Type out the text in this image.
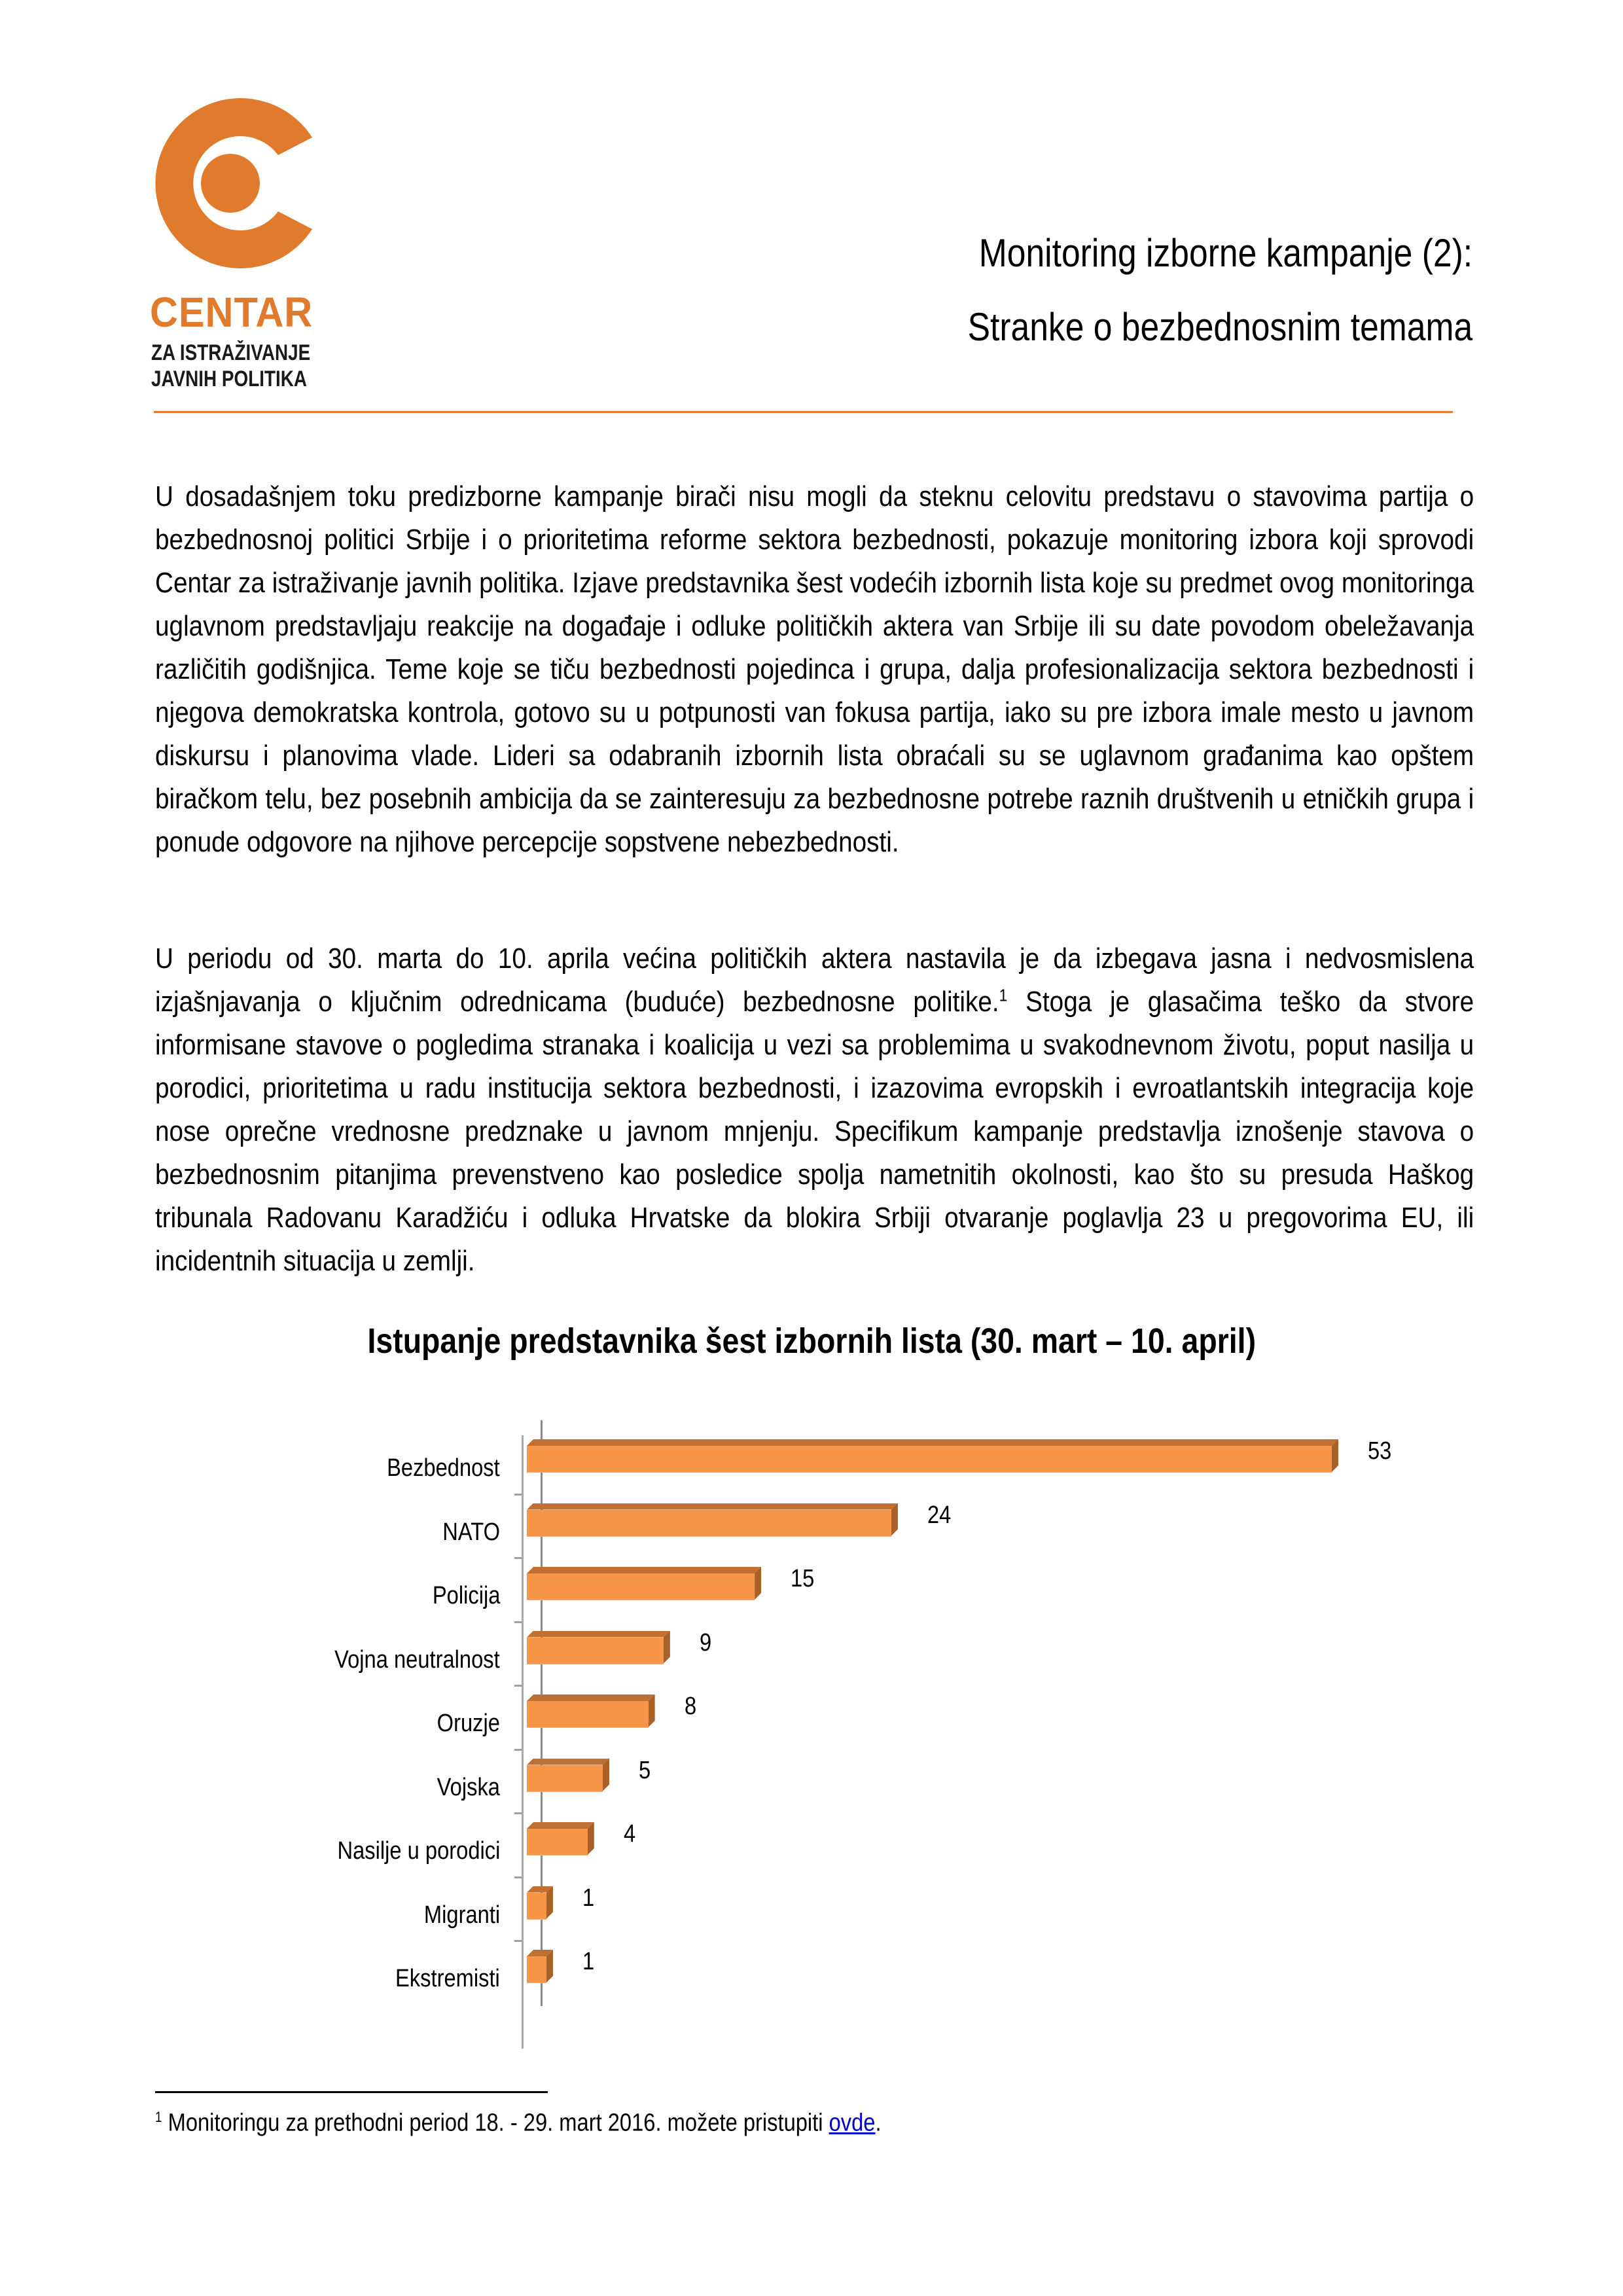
CENTAR
ZA ISTRAŽIVANJE
JAVNIH POLITIKA
Monitoring izborne kampanje (2):
Stranke o bezbednosnim temama
U dosadašnjem toku predizborne kampanje birači nisu mogli da steknu celovitu predstavu o stavovima partija o bezbednosnoj politici Srbije i o prioritetima reforme sektora bezbednosti, pokazuje monitoring izbora koji sprovodi Centar za istraživanje javnih politika. Izjave predstavnika šest vodećih izbornih lista koje su predmet ovog monitoringa uglavnom predstavljaju reakcije na događaje i odluke političkih aktera van Srbije ili su date povodom obeležavanja različitih godišnjica. Teme koje se tiču bezbednosti pojedinca i grupa, dalja profesionalizacija sektora bezbednosti i njegova demokratska kontrola, gotovo su u potpunosti van fokusa partija, iako su pre izbora imale mesto u javnom diskursu i planovima vlade. Lideri sa odabranih izbornih lista obraćali su se uglavnom građanima kao opštem biračkom telu, bez posebnih ambicija da se zainteresuju za bezbednosne potrebe raznih društvenih u etničkih grupa i ponude odgovore na njihove percepcije sopstvene nebezbednosti.
U periodu od 30. marta do 10. aprila većina političkih aktera nastavila je da izbegava jasna i nedvosmislena izjašnjavanja o ključnim odrednicama (buduće) bezbednosne politike.$^1$ Stoga je glasačima teško da stvore informisane stavove o pogledima stranaka i koalicija u vezi sa problemima u svakodnevnom životu, poput nasilja u porodici, prioritetima u radu institucija sektora bezbednosti, i izazovima evropskih i evroatlantskih integracija koje nose oprečne vrednosne predznake u javnom mnjenju. Specifikum kampanje predstavlja iznošenje stavova o bezbednosnim pitanjima prevenstveno kao posledice spolja nametnitih okolnosti, kao što su presuda Haškog tribunala Radovanu Karadžiću i odluka Hrvatske da blokira Srbiji otvaranje poglavlja 23 u pregovorima EU, ili incidentnih situacija u zemlji.
Istupanje predstavnika šest izbornih lista (30. mart – 10. april)
Bezbednost
53
NATO
24
Policija
15
Vojna neutralnost
9
Oruzje
8
Vojska
5
Nasilje u porodici
4
Migranti
1
Ekstremisti
1
$^1$ Monitoringu za prethodni period 18. - 29. mart 2016. možete pristupiti ovde.
